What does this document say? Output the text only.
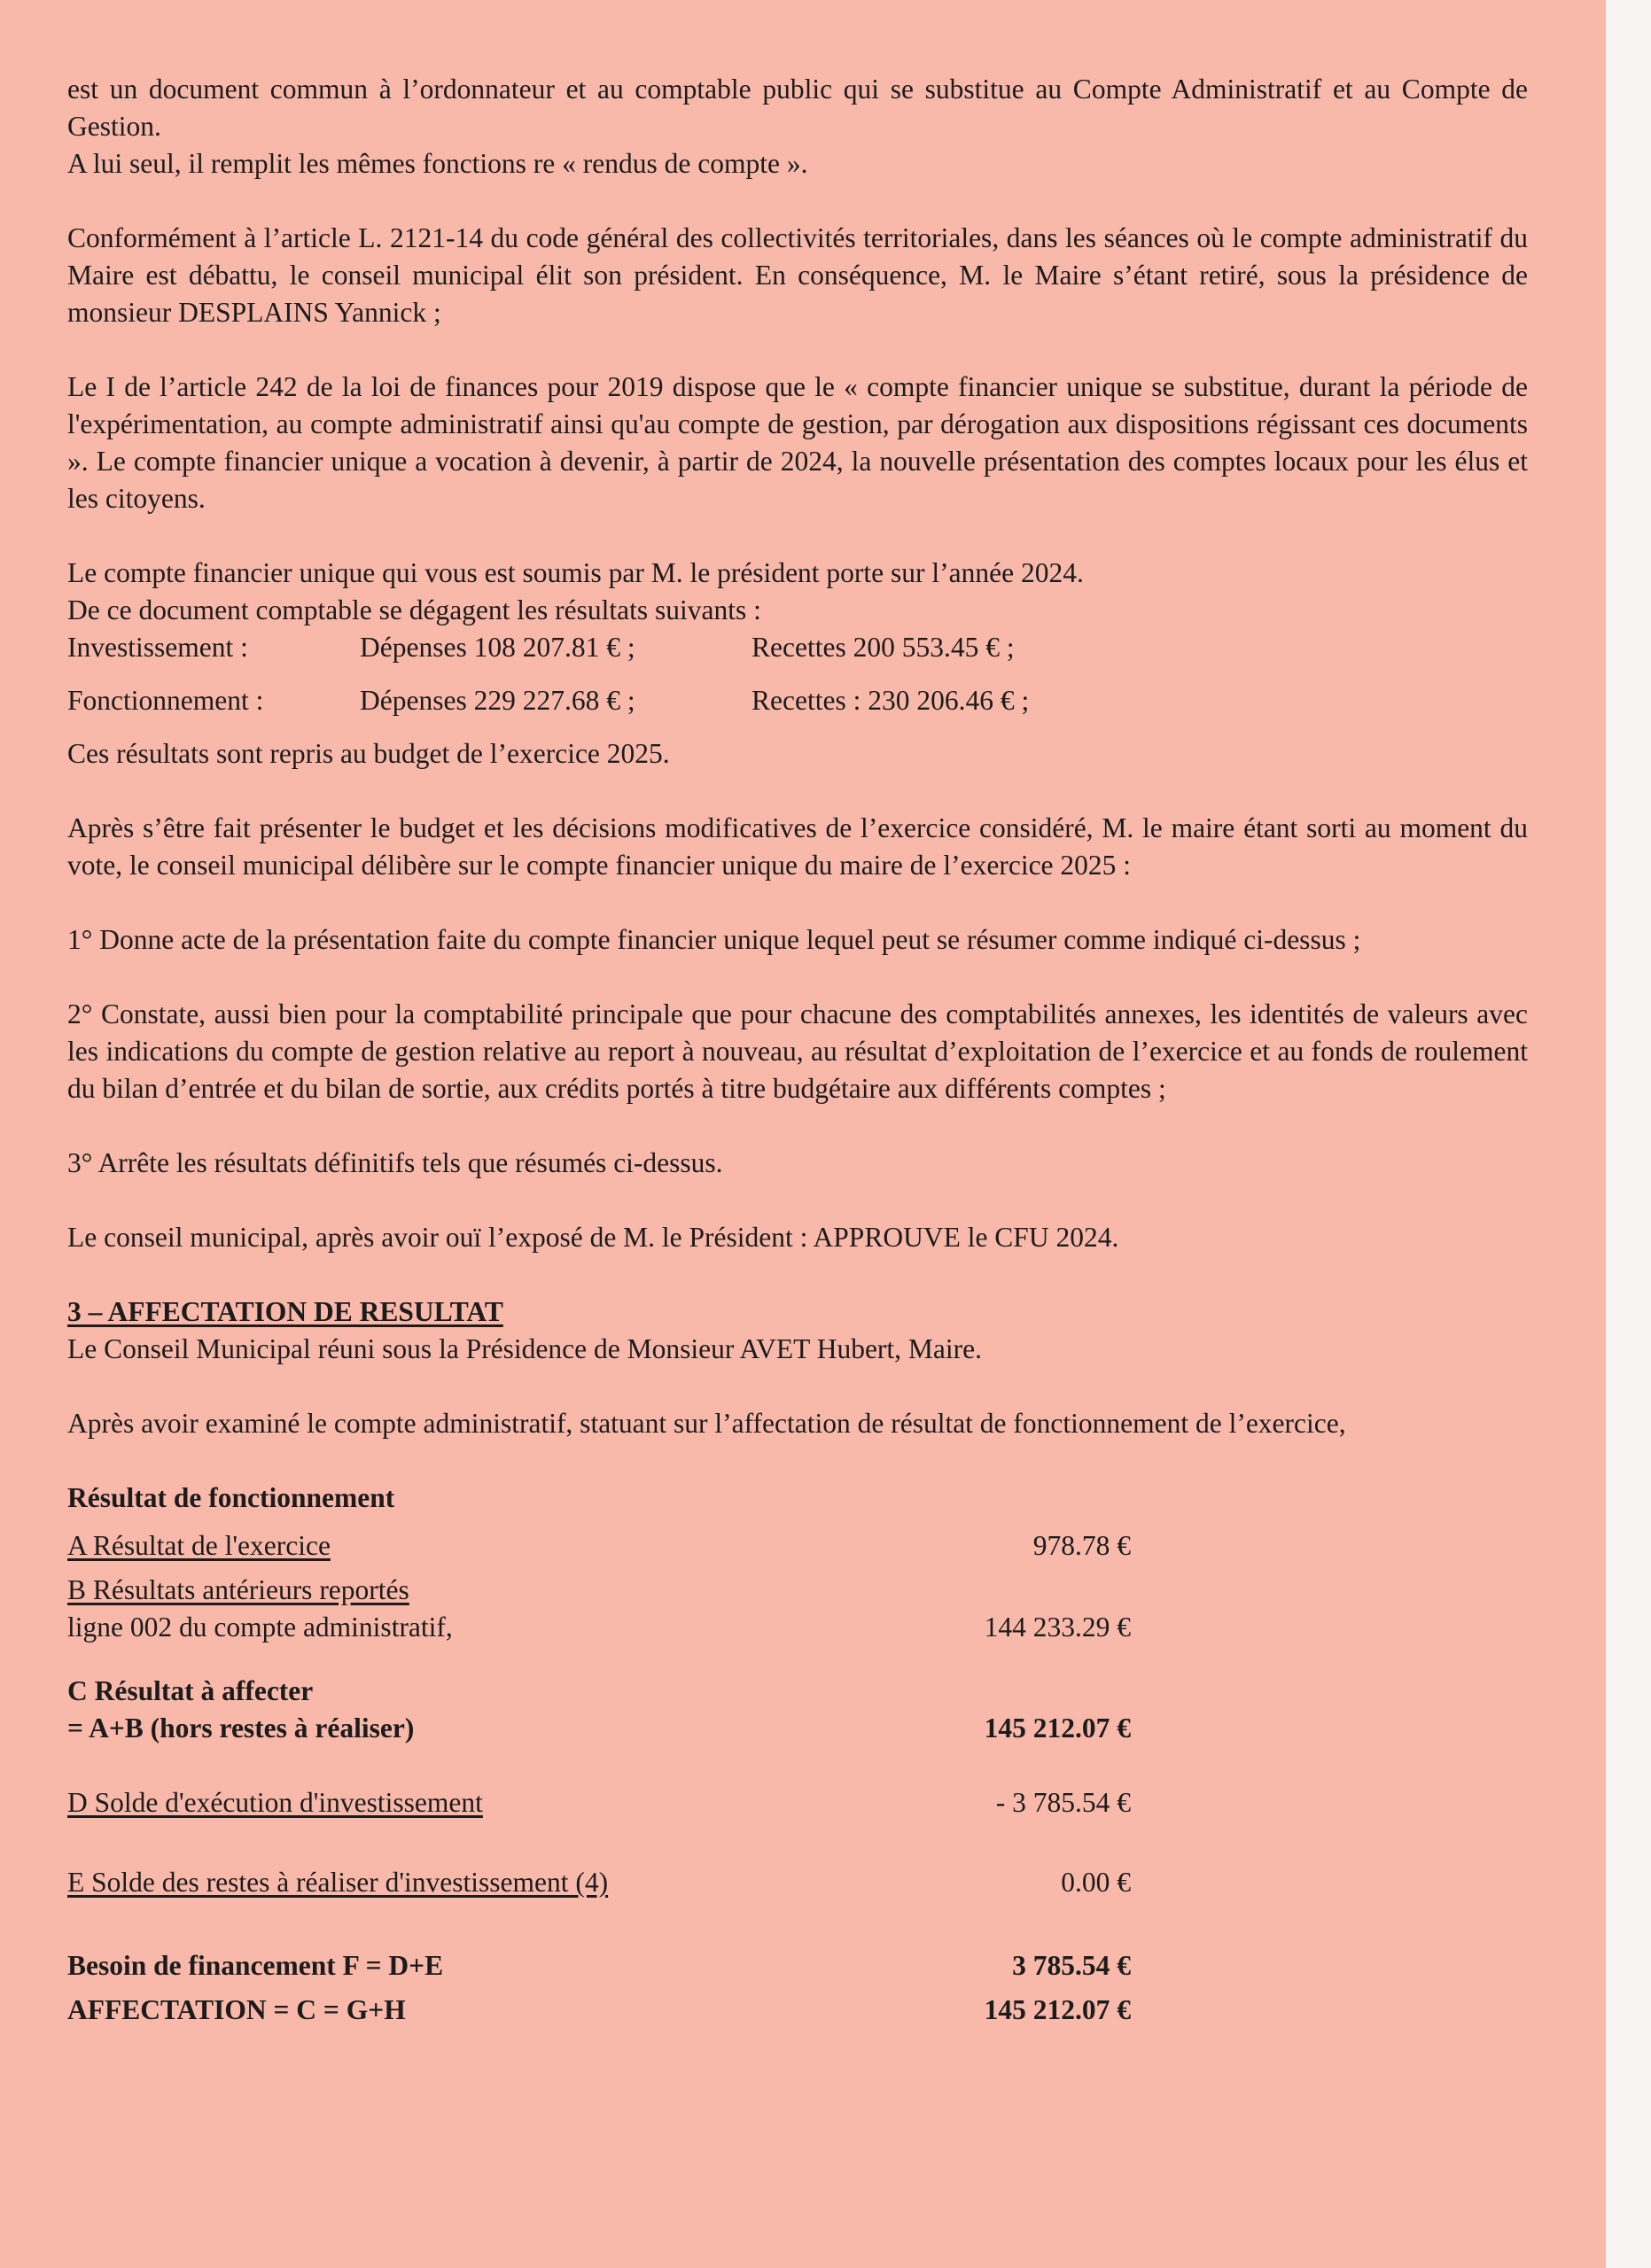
est un document commun à l’ordonnateur et au comptable public qui se substitue au Compte Administratif et au Compte de Gestion.

A lui seul, il remplit les mêmes fonctions re « rendus de compte ».

Conformément à l’article L. 2121-14 du code général des collectivités territoriales, dans les séances où le compte administratif du Maire est débattu, le conseil municipal élit son président. En conséquence, M. le Maire s’étant retiré, sous la présidence de monsieur DESPLAINS Yannick ;

Le I de l’article 242 de la loi de finances pour 2019 dispose que le « compte financier unique se substitue, durant la période de l'expérimentation, au compte administratif ainsi qu'au compte de gestion, par dérogation aux dispositions régissant ces documents ». Le compte financier unique a vocation à devenir, à partir de 2024, la nouvelle présentation des comptes locaux pour les élus et les citoyens.

Le compte financier unique qui vous est soumis par M. le président porte sur l’année 2024.

De ce document comptable se dégagent les résultats suivants :

Investissement :	Dépenses 108 207.81 € ;	Recettes 200 553.45 € ;
Fonctionnement :	Dépenses 229 227.68 € ;	Recettes : 230 206.46 € ;

Ces résultats sont repris au budget de l’exercice 2025.

Après s’être fait présenter le budget et les décisions modificatives de l’exercice considéré, M. le maire étant sorti au moment du vote, le conseil municipal délibère sur le compte financier unique du maire de l’exercice 2025 :

1° Donne acte de la présentation faite du compte financier unique lequel peut se résumer comme indiqué ci-dessus ;

2° Constate, aussi bien pour la comptabilité principale que pour chacune des comptabilités annexes, les identités de valeurs avec les indications du compte de gestion relative au report à nouveau, au résultat d’exploitation de l’exercice et au fonds de roulement du bilan d’entrée et du bilan de sortie, aux crédits portés à titre budgétaire aux différents comptes ;

3° Arrête les résultats définitifs tels que résumés ci-dessus.

Le conseil municipal, après avoir ouï l’exposé de M. le Président : APPROUVE le CFU 2024.

3 – AFFECTATION DE RESULTAT

Le Conseil Municipal réuni sous la Présidence de Monsieur AVET Hubert, Maire.

Après avoir examiné le compte administratif, statuant sur l’affectation de résultat de fonctionnement de l’exercice,

Résultat de fonctionnement

A Résultat de l'exercice	978.78 €
B Résultats antérieurs reportés
ligne 002 du compte administratif,	144 233.29 €
C Résultat à affecter
= A+B (hors restes à réaliser)	145 212.07 €
D Solde d'exécution d'investissement	- 3 785.54 €
E Solde des restes à réaliser d'investissement (4)	0.00 €
Besoin de financement F = D+E	3 785.54 €
AFFECTATION = C = G+H	145 212.07 €
